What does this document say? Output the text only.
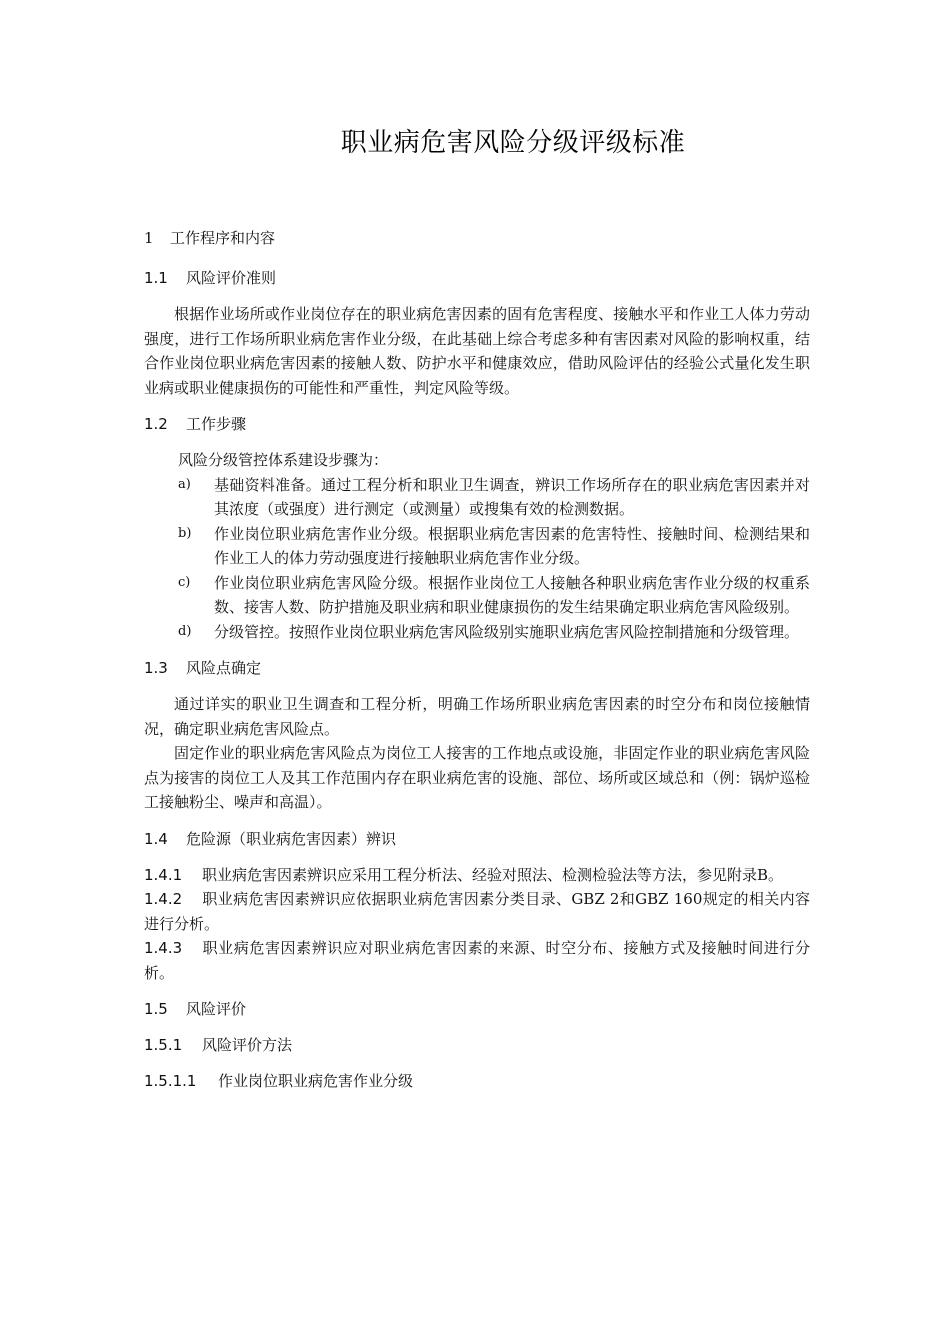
职业病危害风险分级评级标准
1 工作程序和内容
1.1 风险评价准则

根据作业场所或作业岗位存在的职业病危害因素的固有危害程度、接触水平和作业工人体力劳动强度，进行工作场所职业病危害作业分级，在此基础上综合考虑多种有害因素对风险的影响权重，结合作业岗位职业病危害因素的接触人数、防护水平和健康效应，借助风险评估的经验公式量化发生职业病或职业健康损伤的可能性和严重性，判定风险等级。

1.2 工作步骤

风险分级管控体系建设步骤为：

a)	基础资料准备。通过工程分析和职业卫生调查，辨识工作场所存在的职业病危害因素并对其浓度（或强度）进行测定（或测量）或搜集有效的检测数据。
b)	作业岗位职业病危害作业分级。根据职业病危害因素的危害特性、接触时间、检测结果和作业工人的体力劳动强度进行接触职业病危害作业分级。
c)	作业岗位职业病危害风险分级。根据作业岗位工人接触各种职业病危害作业分级的权重系数、接害人数、防护措施及职业病和职业健康损伤的发生结果确定职业病危害风险级别。
d)	分级管控。按照作业岗位职业病危害风险级别实施职业病危害风险控制措施和分级管理。
1.3 风险点确定

通过详实的职业卫生调查和工程分析，明确工作场所职业病危害因素的时空分布和岗位接触情况，确定职业病危害风险点。

固定作业的职业病危害风险点为岗位工人接害的工作地点或设施，非固定作业的职业病危害风险点为接害的岗位工人及其工作范围内存在职业病危害的设施、部位、场所或区域总和（例：锅炉巡检工接触粉尘、噪声和高温）。

1.4 危险源（职业病危害因素）辨识

1.4.1 职业病危害因素辨识应采用工程分析法、经验对照法、检测检验法等方法，参见附录B。

1.4.2 职业病危害因素辨识应依据职业病危害因素分类目录、GBZ 2和GBZ 160规定的相关内容进行分析。

1.4.3 职业病危害因素辨识应对职业病危害因素的来源、时空分布、接触方式及接触时间进行分析。

1.5 风险评价
1.5.1 风险评价方法
1.5.1.1 作业岗位职业病危害作业分级
